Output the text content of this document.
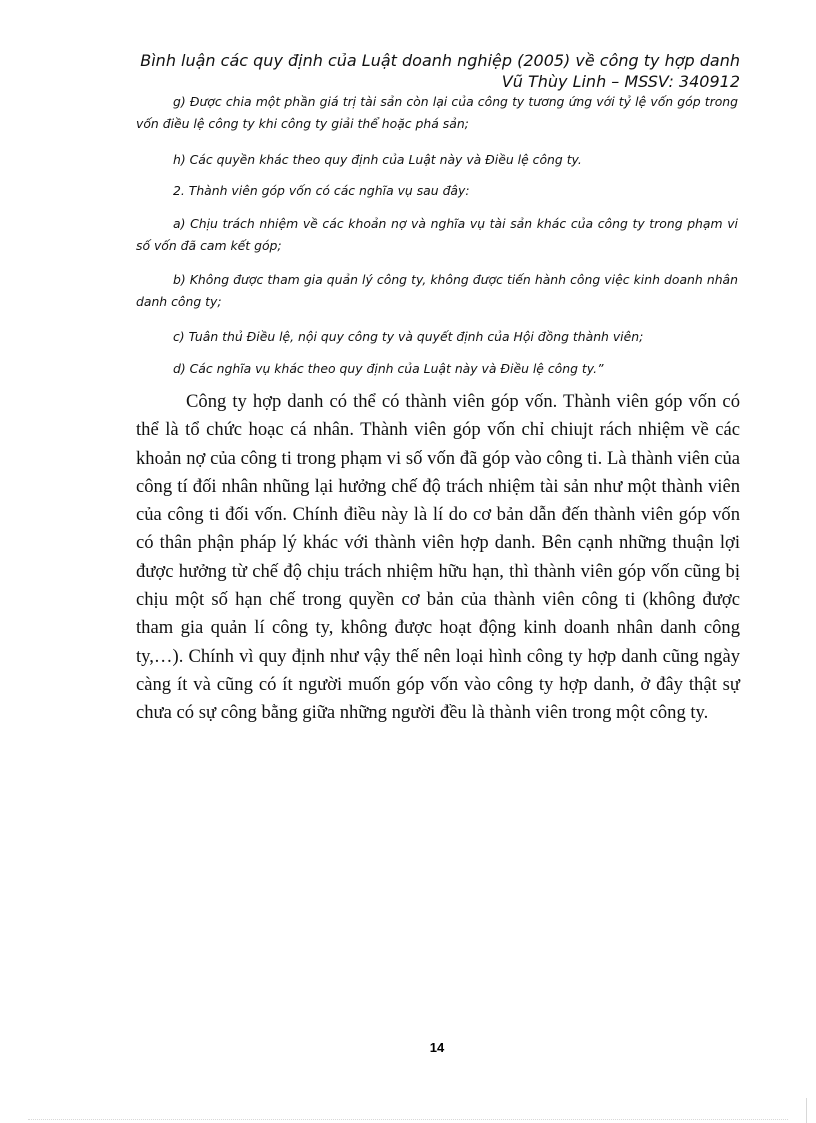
Bình luận các quy định của Luật doanh nghiệp (2005) về công ty hợp danh
Vũ Thùy Linh – MSSV: 340912

g) Được chia một phần giá trị tài sản còn lại của công ty tương ứng với tỷ lệ vốn góp trong vốn điều lệ công ty khi công ty giải thể hoặc phá sản;

h) Các quyền khác theo quy định của Luật này và Điều lệ công ty.

2. Thành viên góp vốn có các nghĩa vụ sau đây:

a) Chịu trách nhiệm về các khoản nợ và nghĩa vụ tài sản khác của công ty trong phạm vi số vốn đã cam kết góp;

b) Không được tham gia quản lý công ty, không được tiến hành công việc kinh doanh nhân danh công ty;

c) Tuân thủ Điều lệ, nội quy công ty và quyết định của Hội đồng thành viên;

d) Các nghĩa vụ khác theo quy định của Luật này và Điều lệ công ty.”

Công ty hợp danh có thể có thành viên góp vốn. Thành viên góp vốn có thể là tổ chức hoạc cá nhân. Thành viên góp vốn chỉ chiujt rách nhiệm về các khoản nợ của công ti trong phạm vi số vốn đã góp vào công ti. Là thành viên của công tí đối nhân nhũng lại hưởng chế độ trách nhiệm tài sản như một thành viên của công ti đối vốn. Chính điều này là lí do cơ bản dẫn đến thành viên góp vốn có thân phận pháp lý khác với thành viên hợp danh. Bên cạnh những thuận lợi được hưởng từ chế độ chịu trách nhiệm hữu hạn, thì thành viên góp vốn cũng bị chịu một số hạn chế trong quyền cơ bản của thành viên công ti (không được tham gia quản lí công ty, không được hoạt động kinh doanh nhân danh công ty,…). Chính vì quy định như vậy thế nên loại hình công ty hợp danh cũng ngày càng ít và cũng có ít người muốn góp vốn vào công ty hợp danh, ở đây thật sự chưa có sự công bằng giữa những người đều là thành viên trong một công ty.

14
